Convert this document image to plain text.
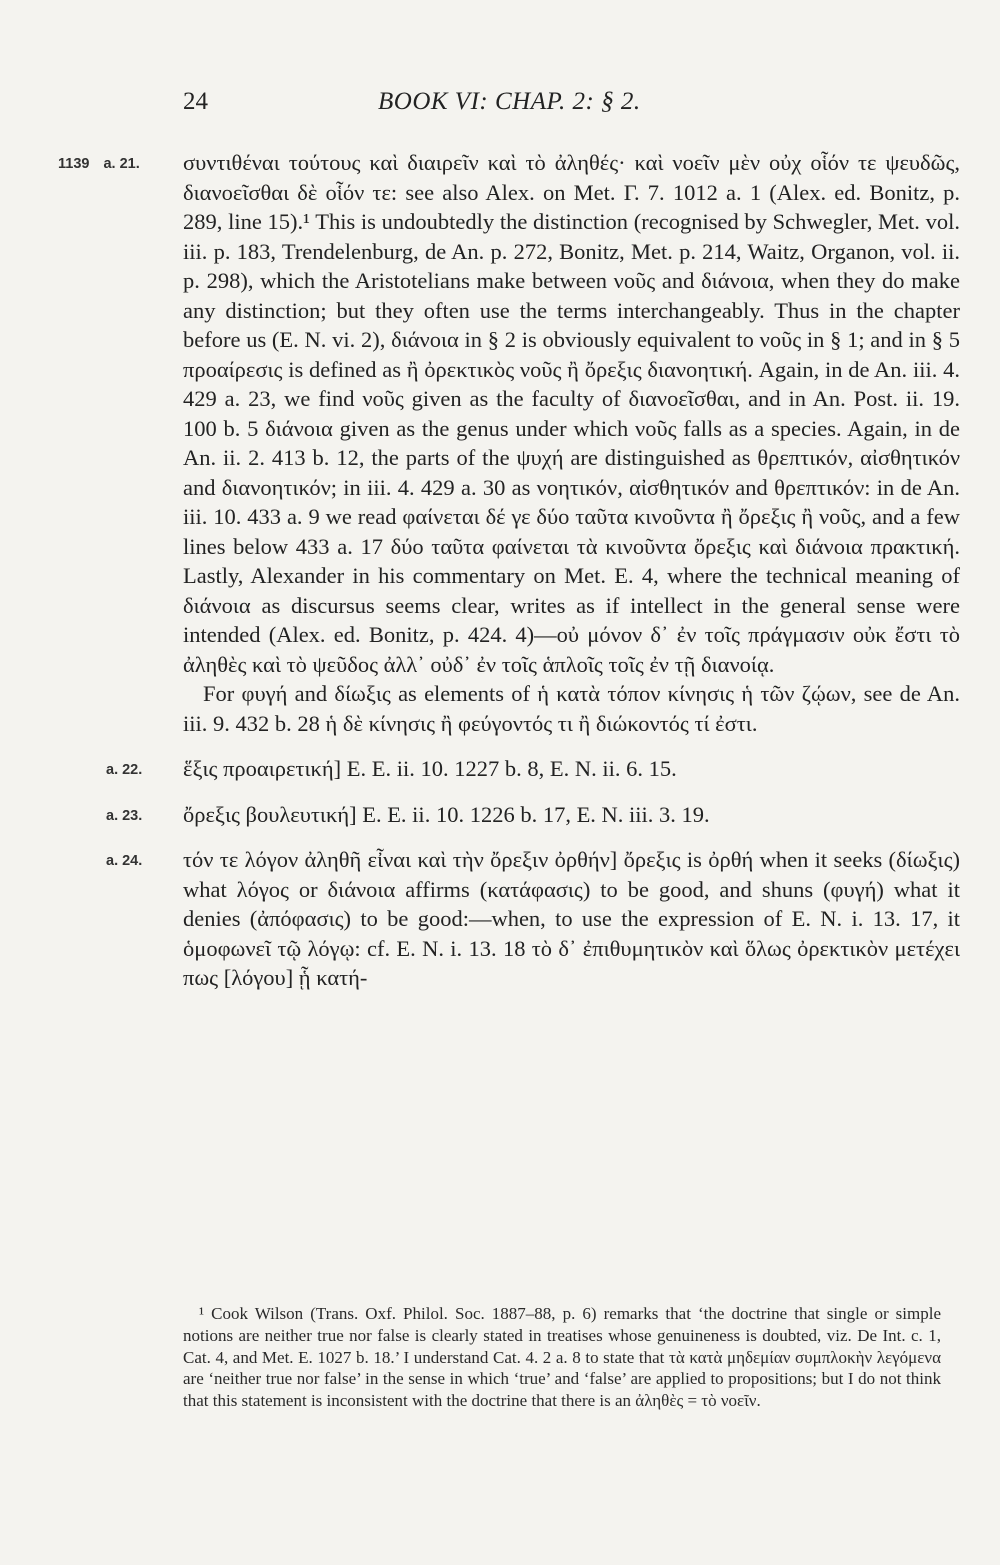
24	BOOK VI: CHAP. 2: § 2.
1139 a. 21. συντιθέναι τούτους καὶ διαιρεῖν καὶ τὸ ἀληθές· καὶ νοεῖν μὲν οὐχ οἷόν τε ψευδῶς, διανοεῖσθαι δὲ οἷόν τε: see also Alex. on Met. Γ. 7. 1012 a. 1 (Alex. ed. Bonitz, p. 289, line 15).¹ This is undoubtedly the distinction (recognised by Schwegler, Met. vol. iii. p. 183, Trendelenburg, de An. p. 272, Bonitz, Met. p. 214, Waitz, Organon, vol. ii. p. 298), which the Aristotelians make between νοῦς and διάνοια, when they do make any distinction; but they often use the terms interchangeably. Thus in the chapter before us (E. N. vi. 2), διάνοια in § 2 is obviously equivalent to νοῦς in § 1; and in § 5 προαίρεσις is defined as ἢ ὀρεκτικὸς νοῦς ἢ ὄρεξις διανοητική. Again, in de An. iii. 4. 429 a. 23, we find νοῦς given as the faculty of διανοεῖσθαι, and in An. Post. ii. 19. 100 b. 5 διάνοια given as the genus under which νοῦς falls as a species. Again, in de An. ii. 2. 413 b. 12, the parts of the ψυχή are distinguished as θρεπτικόν, αἰσθητικόν and διανοητικόν; in iii. 4. 429 a. 30 as νοητικόν, αἰσθητικόν and θρεπτικόν: in de An. iii. 10. 433 a. 9 we read φαίνεται δέ γε δύο ταῦτα κινοῦντα ἢ ὄρεξις ἢ νοῦς, and a few lines below 433 a. 17 δύο ταῦτα φαίνεται τὰ κινοῦντα ὄρεξις καὶ διάνοια πρακτική. Lastly, Alexander in his commentary on Met. E. 4, where the technical meaning of διάνοια as discursus seems clear, writes as if intellect in the general sense were intended (Alex. ed. Bonitz, p. 424. 4)—οὐ μόνον δ᾽ ἐν τοῖς πράγμασιν οὐκ ἔστι τὸ ἀληθὲς καὶ τὸ ψεῦδος ἀλλ᾽ οὐδ᾽ ἐν τοῖς ἁπλοῖς τοῖς ἐν τῇ διανοίᾳ.

For φυγή and δίωξις as elements of ἡ κατὰ τόπον κίνησις ἡ τῶν ζῴων, see de An. iii. 9. 432 b. 28 ἡ δὲ κίνησις ἢ φεύγοντός τι ἢ διώκοντός τί ἐστι.

a. 22.	ἕξις προαιρετική] E. E. ii. 10. 1227 b. 8, E. N. ii. 6. 15.

a. 23.	ὄρεξις βουλευτική] E. E. ii. 10. 1226 b. 17, E. N. iii. 3. 19.

a. 24.	τόν τε λόγον ἀληθῆ εἶναι καὶ τὴν ὄρεξιν ὀρθήν] ὄρεξις is ὀρθή when it seeks (δίωξις) what λόγος or διάνοια affirms (κατάφασις) to be good, and shuns (φυγή) what it denies (ἀπόφασις) to be good:—when, to use the expression of E. N. i. 13. 17, it ὁμοφωνεῖ τῷ λόγῳ: cf. E. N. i. 13. 18 τὸ δ᾽ ἐπιθυμητικὸν καὶ ὅλως ὀρεκτικὸν μετέχει πως [λόγου] ᾗ κατή-

¹ Cook Wilson (Trans. Oxf. Philol. Soc. 1887–88, p. 6) remarks that ‘the doctrine that single or simple notions are neither true nor false is clearly stated in treatises whose genuineness is doubted, viz. De Int. c. 1, Cat. 4, and Met. E. 1027 b. 18.’ I understand Cat. 4. 2 a. 8 to state that τὰ κατὰ μηδεμίαν συμπλοκὴν λεγόμενα are ‘neither true nor false’ in the sense in which ‘true’ and ‘false’ are applied to propositions; but I do not think that this statement is inconsistent with the doctrine that there is an ἀληθὲς = τὸ νοεῖν.
